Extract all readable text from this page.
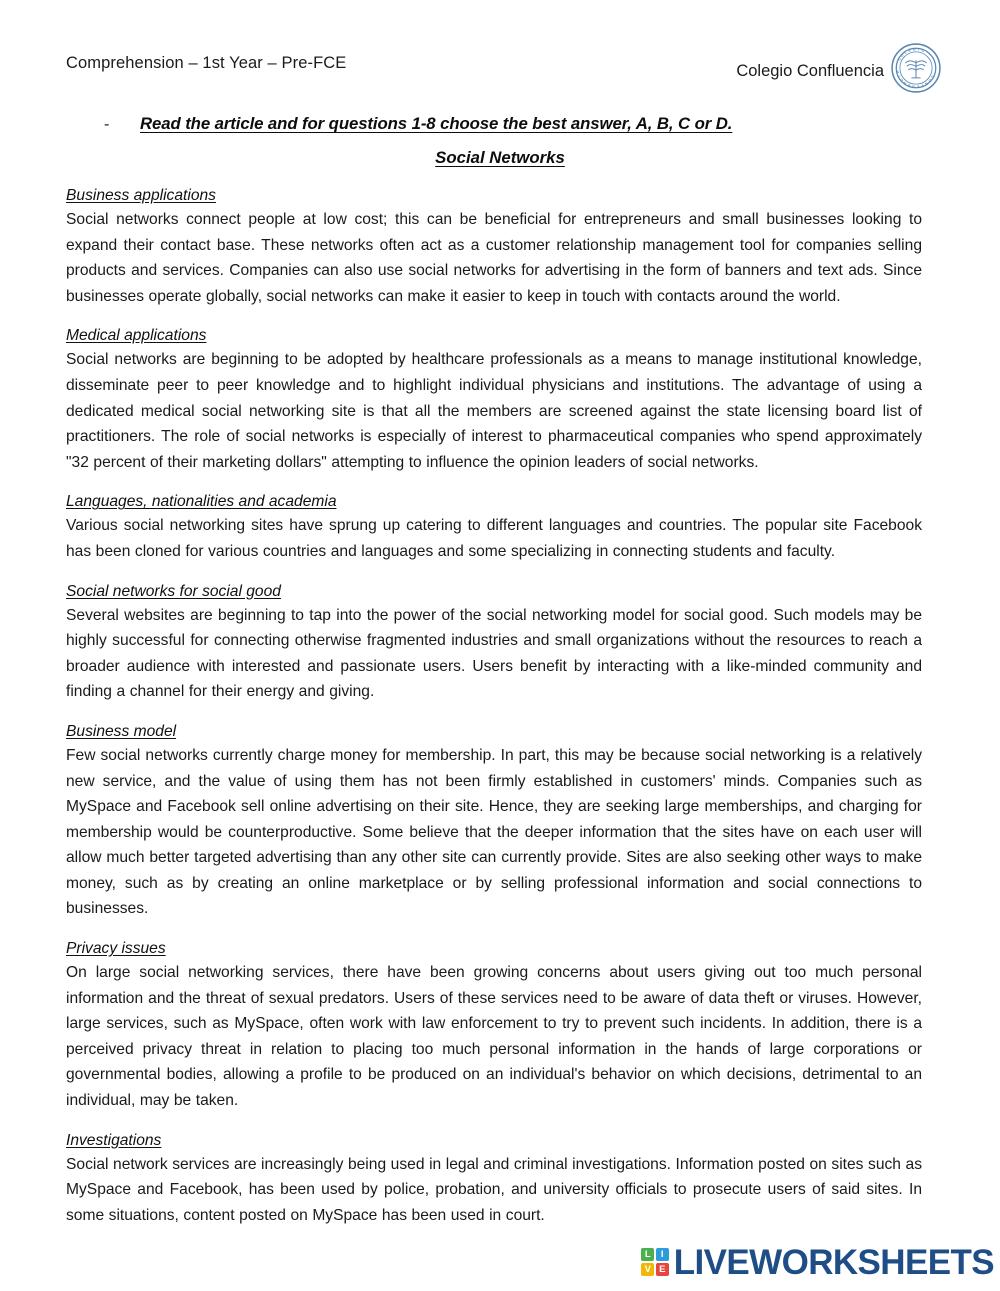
Comprehension – 1st Year – Pre-FCE	Colegio Confluencia
C
O
L E G I O
C
O
N
F
L
U
E
N
C
I
A
-	Read the article and for questions 1-8 choose the best answer, A, B, C or D.
Social Networks
Business applications
Social networks connect people at low cost; this can be beneficial for entrepreneurs and small businesses looking to expand their contact base. These networks often act as a customer relationship management tool for companies selling products and services. Companies can also use social networks for advertising in the form of banners and text ads. Since businesses operate globally, social networks can make it easier to keep in touch with contacts around the world.
Medical applications
Social networks are beginning to be adopted by healthcare professionals as a means to manage institutional knowledge, disseminate peer to peer knowledge and to highlight individual physicians and institutions. The advantage of using a dedicated medical social networking site is that all the members are screened against the state licensing board list of practitioners. The role of social networks is especially of interest to pharmaceutical companies who spend approximately "32 percent of their marketing dollars" attempting to influence the opinion leaders of social networks.
Languages, nationalities and academia
Various social networking sites have sprung up catering to different languages and countries. The popular site Facebook has been cloned for various countries and languages and some specializing in connecting students and faculty.
Social networks for social good
Several websites are beginning to tap into the power of the social networking model for social good. Such models may be highly successful for connecting otherwise fragmented industries and small organizations without the resources to reach a broader audience with interested and passionate users. Users benefit by interacting with a like-minded community and finding a channel for their energy and giving.
Business model
Few social networks currently charge money for membership. In part, this may be because social networking is a relatively new service, and the value of using them has not been firmly established in customers' minds. Companies such as MySpace and Facebook sell online advertising on their site. Hence, they are seeking large memberships, and charging for membership would be counterproductive. Some believe that the deeper information that the sites have on each user will allow much better targeted advertising than any other site can currently provide. Sites are also seeking other ways to make money, such as by creating an online marketplace or by selling professional information and social connections to businesses.
Privacy issues
On large social networking services, there have been growing concerns about users giving out too much personal information and the threat of sexual predators. Users of these services need to be aware of data theft or viruses. However, large services, such as MySpace, often work with law enforcement to try to prevent such incidents. In addition, there is a perceived privacy threat in relation to placing too much personal information in the hands of large corporations or governmental bodies, allowing a profile to be produced on an individual's behavior on which decisions, detrimental to an individual, may be taken.
Investigations
Social network services are increasingly being used in legal and criminal investigations. Information posted on sites such as MySpace and Facebook, has been used by police, probation, and university officials to prosecute users of said sites. In some situations, content posted on MySpace has been used in court.
L	I
V E LIVEWORKSHEETS
